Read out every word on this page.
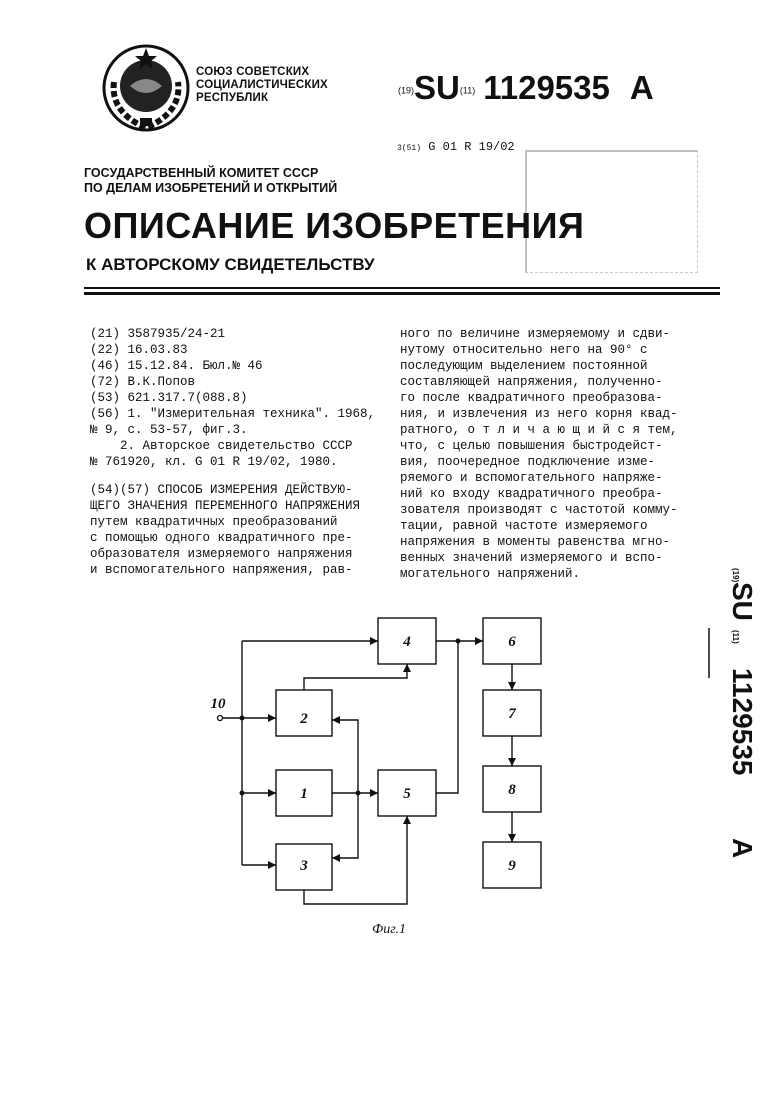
СОЮЗ СОВЕТСКИХ
СОЦИАЛИСТИЧЕСКИХ
РЕСПУБЛИК
(19)SU(11) 1129535 A
3(51) G 01 R 19/02
ГОСУДАРСТВЕННЫЙ КОМИТЕТ СССР
ПО ДЕЛАМ ИЗОБРЕТЕНИЙ И ОТКРЫТИЙ
ОПИСАНИЕ ИЗОБРЕТЕНИЯ
К АВТОРСКОМУ СВИДЕТЕЛЬСТВУ
(21) 3587935/24-21
(22) 16.03.83
(46) 15.12.84. Бюл.№ 46
(72) В.К.Попов
(53) 621.317.7(088.8)
(56) 1. "Измерительная техника". 1968,
№ 9, с. 53-57, фиг.3.
2. Авторское свидетельство СССР
№ 761920, кл. G 01 R 19/02, 1980.
(54)(57) СПОСОБ ИЗМЕРЕНИЯ ДЕЙСТВУЮ-
ЩЕГО ЗНАЧЕНИЯ ПЕРЕМЕННОГО НАПРЯЖЕНИЯ
путем квадратичных преобразований
с помощью одного квадратичного пре-
образователя измеряемого напряжения
и вспомогательного напряжения, рав-
ного по величине измеряемому и сдви-
нутому относительно него на 90° с
последующим выделением постоянной
составляющей напряжения, полученно-
го после квадратичного преобразова-
ния, и извлечения из него корня квад-
ратного, о т л и ч а ю щ и й с я тем,
что, с целью повышения быстродейст-
вия, поочередное подключение изме-
ряемого и вспомогательного напряже-
ний ко входу квадратичного преобра-
зователя производят с частотой комму-
тации, равной частоте измеряемого
напряжения в моменты равенства мгно-
венных значений измеряемого и вспо-
могательного напряжений.	(19)
SU
(11)
1129535
A
4
2
1	5
3
6
7
8
9
10
Фиг.1
